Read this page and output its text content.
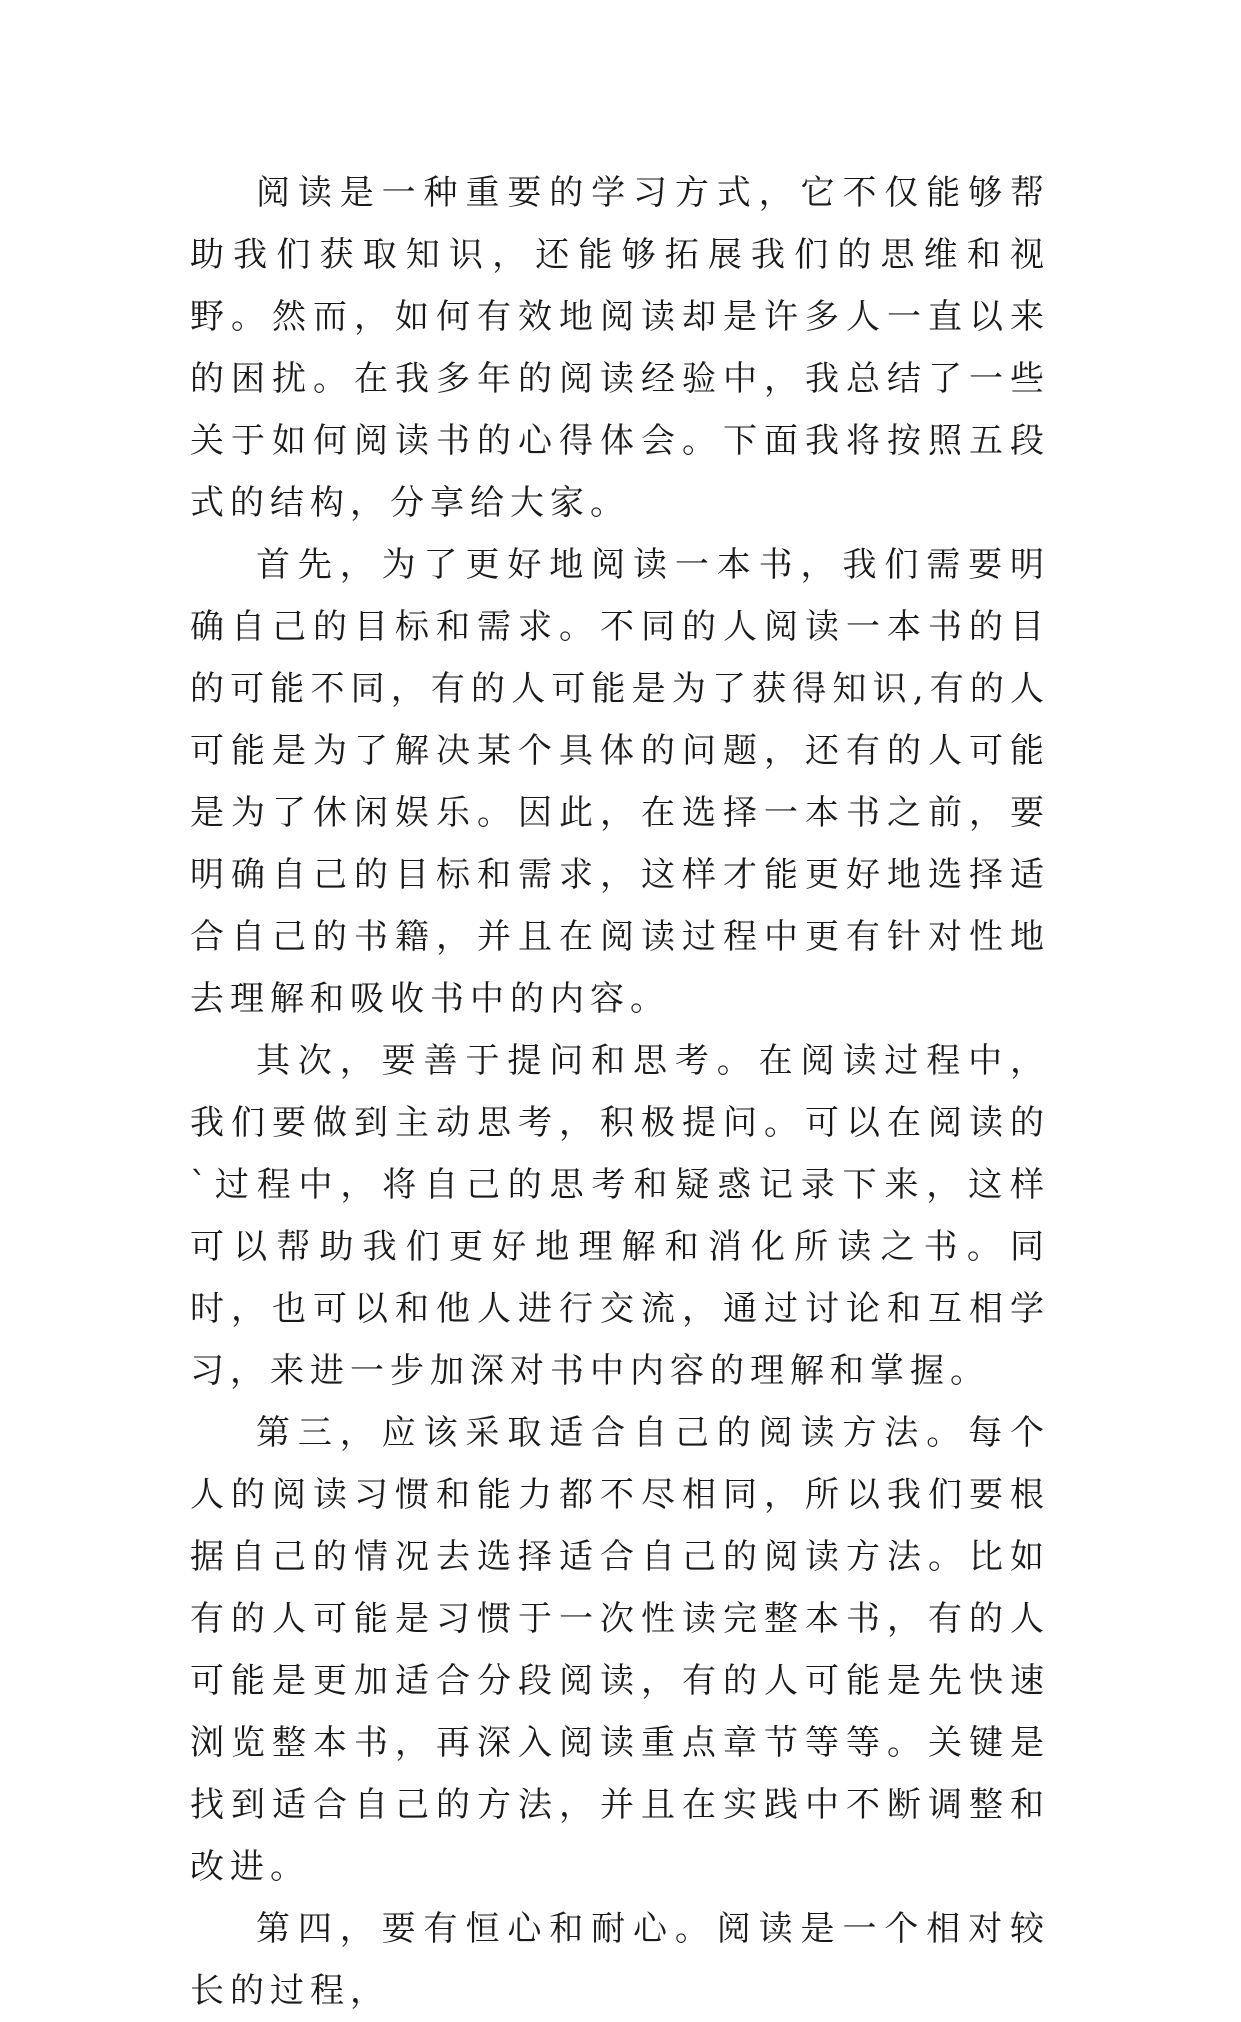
阅读是一种重要的学习方式，它不仅能够帮助我们获取知识，还能够拓展我们的思维和视野。然而，如何有效地阅读却是许多人一直以来的困扰。在我多年的阅读经验中，我总结了一些关于如何阅读书的心得体会。下面我将按照五段式的结构，分享给大家。

首先，为了更好地阅读一本书，我们需要明确自己的目标和需求。不同的人阅读一本书的目的可能不同，有的人可能是为了获得知识,有的人可能是为了解决某个具体的问题，还有的人可能是为了休闲娱乐。因此，在选择一本书之前，要明确自己的目标和需求，这样才能更好地选择适合自己的书籍，并且在阅读过程中更有针对性地去理解和吸收书中的内容。

其次，要善于提问和思考。在阅读过程中，我们要做到主动思考，积极提问。可以在阅读的`过程中，将自己的思考和疑惑记录下来，这样可以帮助我们更好地理解和消化所读之书。同时，也可以和他人进行交流，通过讨论和互相学习，来进一步加深对书中内容的理解和掌握。

第三，应该采取适合自己的阅读方法。每个人的阅读习惯和能力都不尽相同，所以我们要根据自己的情况去选择适合自己的阅读方法。比如有的人可能是习惯于一次性读完整本书，有的人可能是更加适合分段阅读，有的人可能是先快速浏览整本书，再深入阅读重点章节等等。关键是找到适合自己的方法，并且在实践中不断调整和改进。

第四，要有恒心和耐心。阅读是一个相对较长的过程，
